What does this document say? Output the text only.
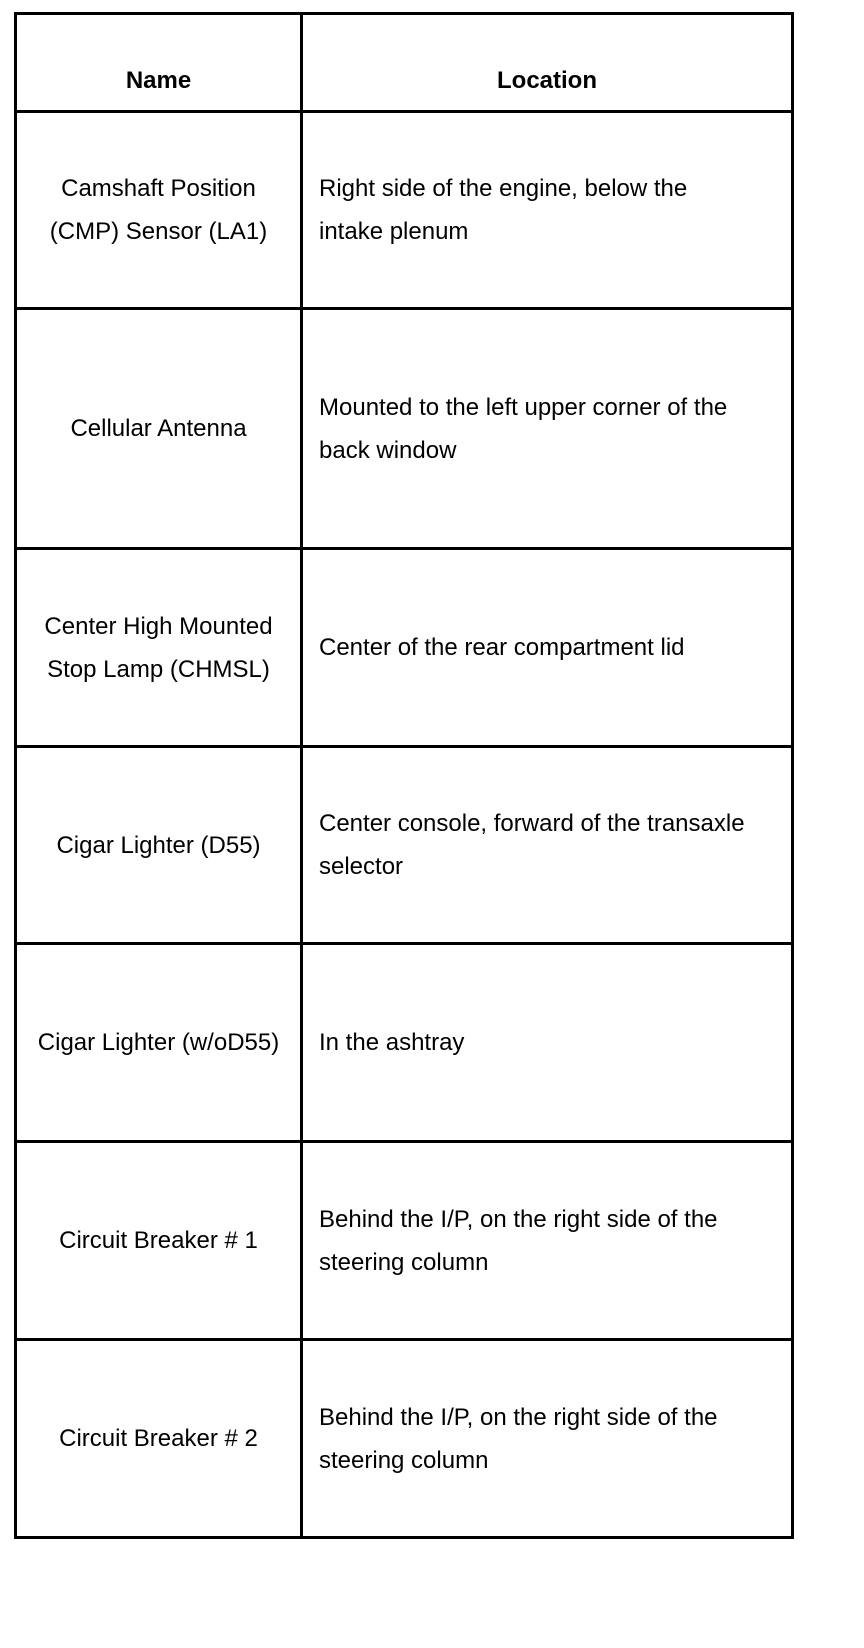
Name	Location
Camshaft Position (CMP) Sensor (LA1)	Right side of the engine, below the intake plenum
Cellular Antenna	Mounted to the left upper corner of the back window
Center High Mounted Stop Lamp (CHMSL)	Center of the rear compartment lid
Cigar Lighter (D55)	Center console, forward of the transaxle selector
Cigar Lighter (w/oD55)	In the ashtray
Circuit Breaker # 1	Behind the I/P, on the right side of the steering column
Circuit Breaker # 2	Behind the I/P, on the right side of the steering column
